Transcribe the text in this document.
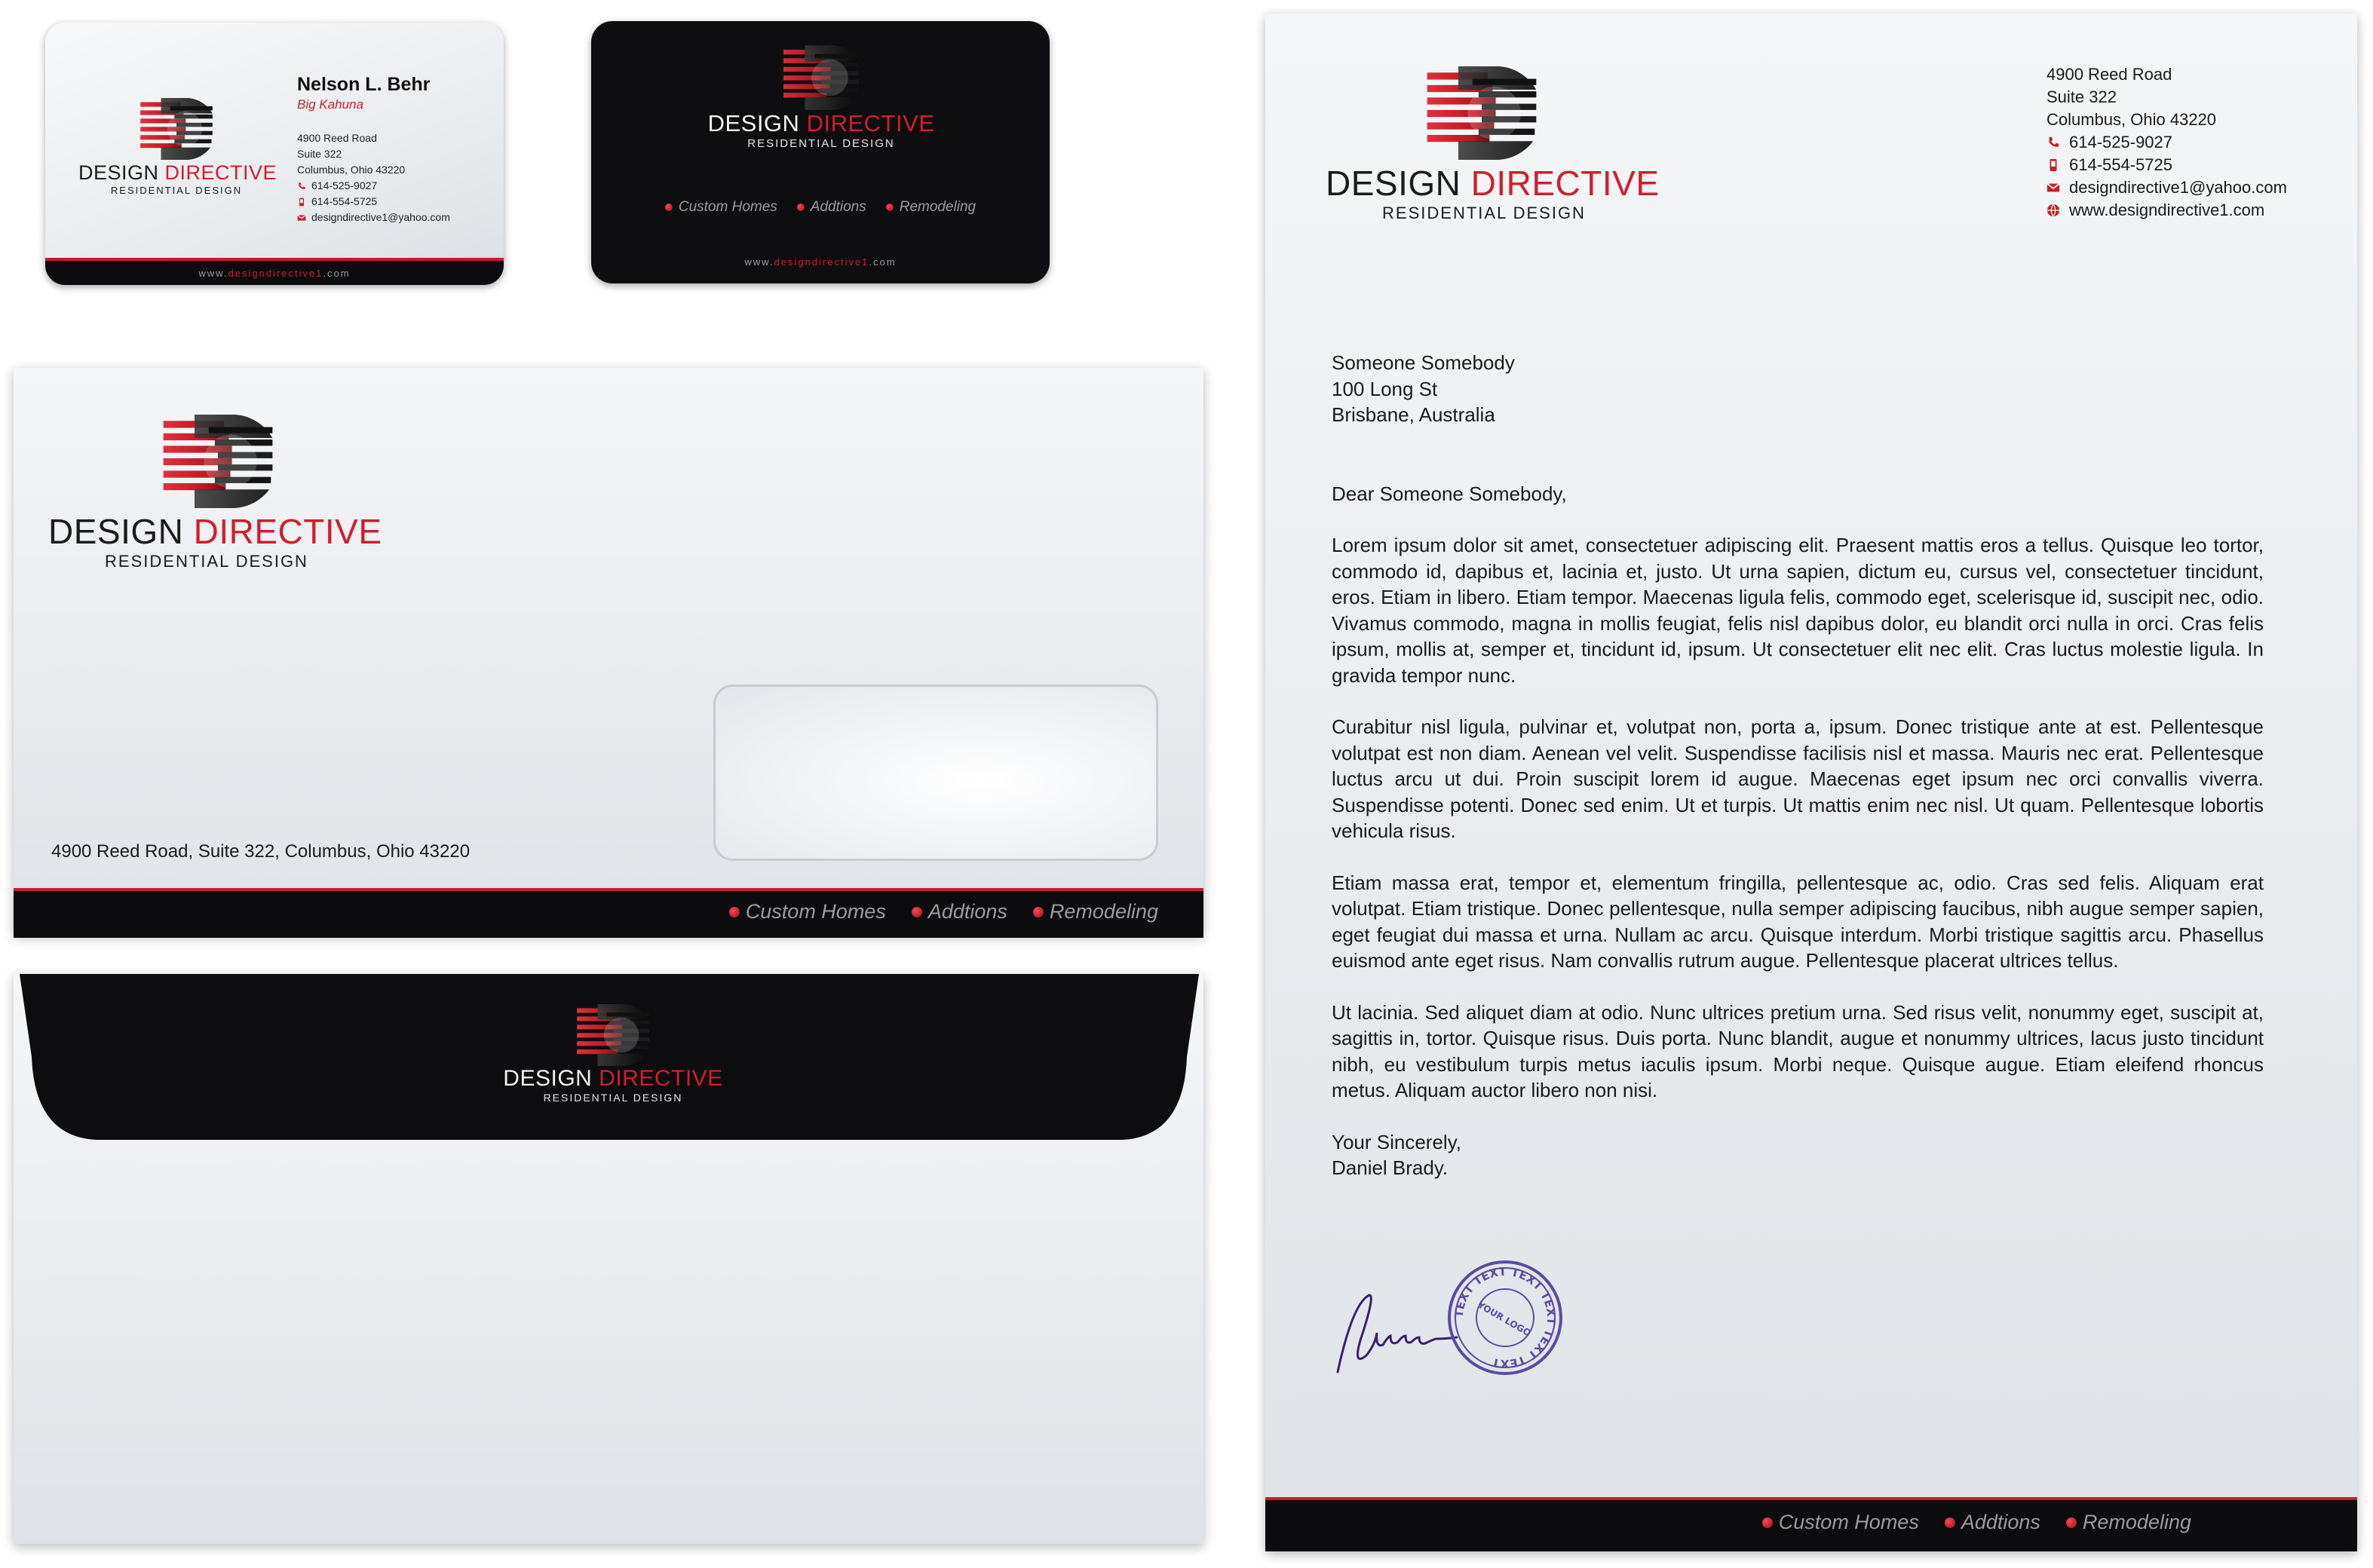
DESIGN DIRECTIVE
RESIDENTIAL DESIGN
Nelson L. Behr
Big Kahuna
4900 Reed Road
Suite 322
Columbus, Ohio 43220
614-525-9027
614-554-5725
designdirective1@yahoo.com
www.designdirective1.com
DESIGN DIRECTIVE
RESIDENTIAL DESIGN
Custom Homes Addtions Remodeling
www.designdirective1.com
DESIGN DIRECTIVE
RESIDENTIAL DESIGN
4900 Reed Road, Suite 322, Columbus, Ohio 43220
Custom Homes Addtions Remodeling
DESIGN DIRECTIVE
RESIDENTIAL DESIGN
DESIGN DIRECTIVE
RESIDENTIAL DESIGN
4900 Reed Road
Suite 322
Columbus, Ohio 43220
614-525-9027
614-554-5725
designdirective1@yahoo.com
www.designdirective1.com
Someone Somebody
100 Long St
Brisbane, Australia

Dear Someone Somebody,

Lorem ipsum dolor sit amet, consectetuer adipiscing elit. Praesent mattis eros a tellus. Quisque leo tortor, commodo id, dapibus et, lacinia et, justo. Ut urna sapien, dictum eu, cursus vel, consectetuer tincidunt, eros. Etiam in libero. Etiam tempor. Maecenas ligula felis, commodo eget, scelerisque id, suscipit nec, odio. Vivamus commodo, magna in mollis feugiat, felis nisl dapibus dolor, eu blandit orci nulla in orci. Cras felis ipsum, mollis at, semper et, tincidunt id, ipsum. Ut consectetuer elit nec elit. Cras luctus molestie ligula. In gravida tempor nunc.

Curabitur nisl ligula, pulvinar et, volutpat non, porta a, ipsum. Donec tristique ante at est. Pellentesque volutpat est non diam. Aenean vel velit. Suspendisse facilisis nisl et massa. Mauris nec erat. Pellentesque luctus arcu ut dui. Proin suscipit lorem id augue. Maecenas eget ipsum nec orci convallis viverra. Suspendisse potenti. Donec sed enim. Ut et turpis. Ut mattis enim nec nisl. Ut quam. Pellentesque lobortis vehicula risus.

Etiam massa erat, tempor et, elementum fringilla, pellentesque ac, odio. Cras sed felis. Aliquam erat volutpat. Etiam tristique. Donec pellentesque, nulla semper adipiscing faucibus, nibh augue semper sapien, eget feugiat dui massa et urna. Nullam ac arcu. Quisque interdum. Morbi tristique sagittis arcu. Phasellus euismod ante eget risus. Nam convallis rutrum augue. Pellentesque placerat ultrices tellus.

Ut lacinia. Sed aliquet diam at odio. Nunc ultrices pretium urna. Sed risus velit, nonummy eget, suscipit at, sagittis in, tortor. Quisque risus. Duis porta. Nunc blandit, augue et nonummy ultrices, lacus justo tincidunt nibh, eu vestibulum turpis metus iaculis ipsum. Morbi neque. Quisque augue. Etiam eleifend rhoncus metus. Aliquam auctor libero non nisi.

Your Sincerely,
Daniel Brady.
TEXT TEXT TEXT TEXT TEXT TEXT
YOUR LOGO
Custom Homes Addtions Remodeling
